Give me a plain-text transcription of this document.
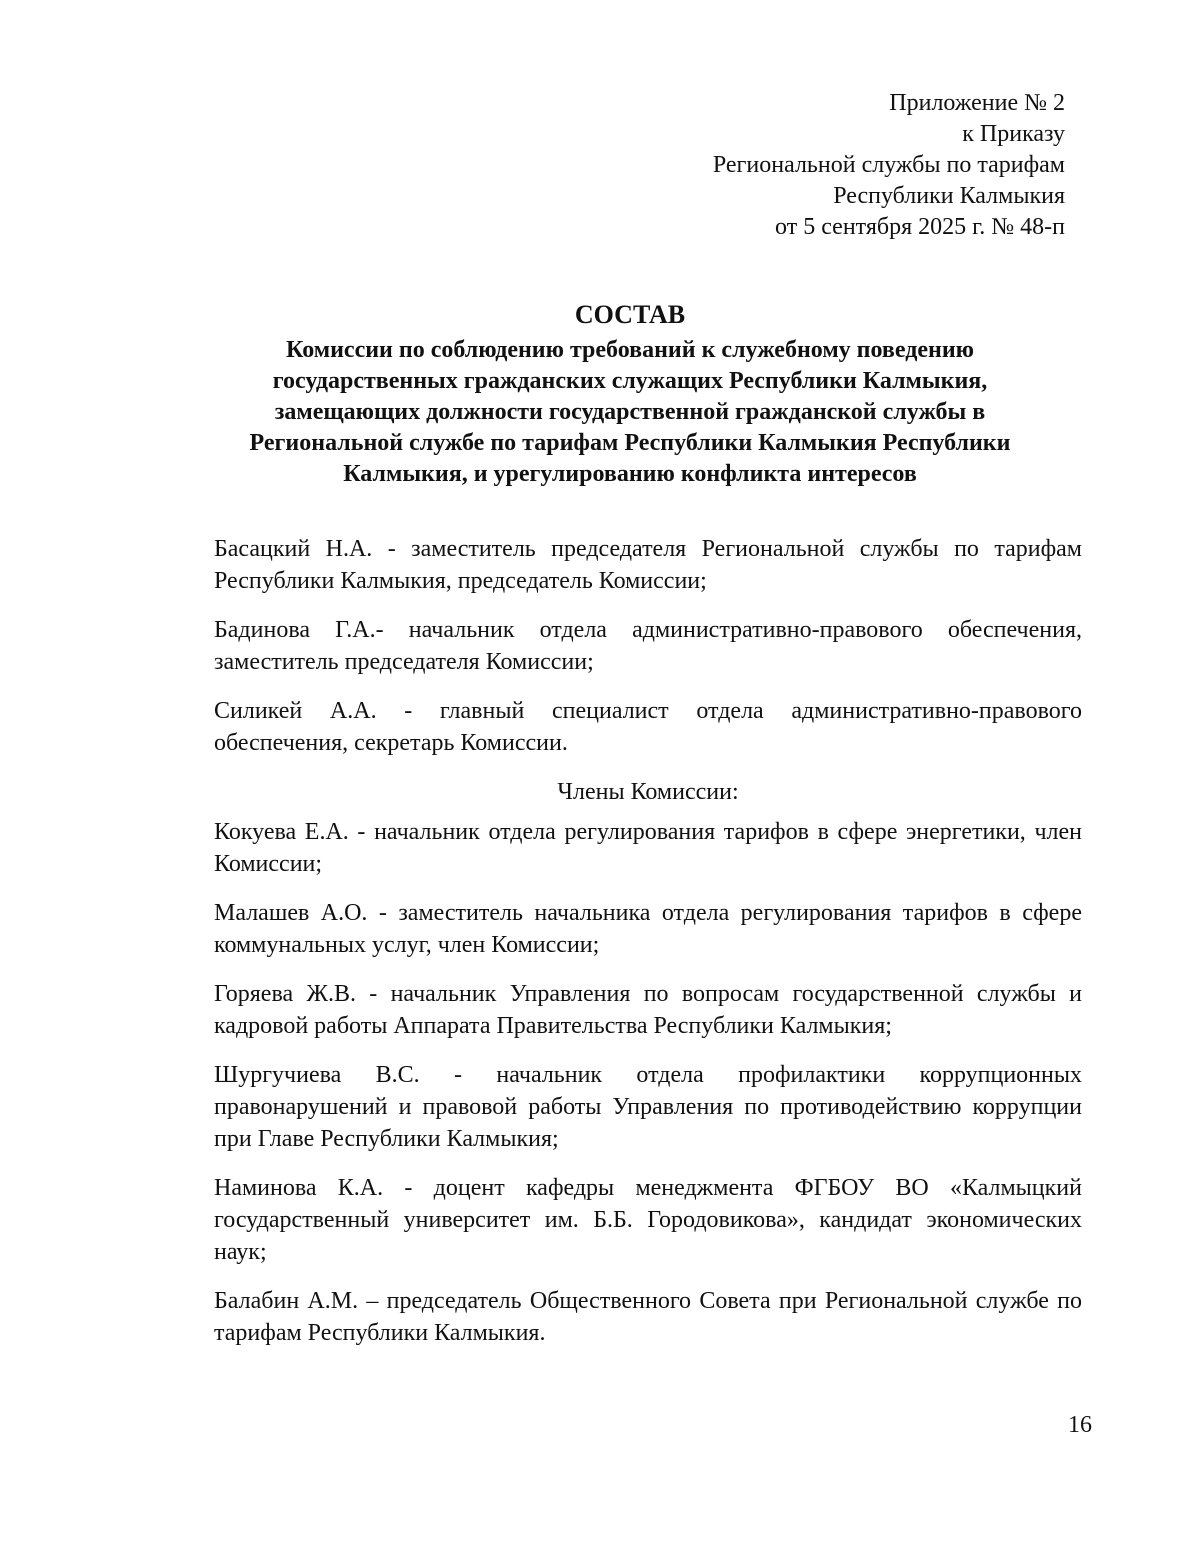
Приложение № 2
к Приказу
Региональной службы по тарифам
Республики Калмыкия
от 5 сентября 2025 г. № 48-п
СОСТАВ
Комиссии по соблюдению требований к служебному поведению
государственных гражданских служащих Республики Калмыкия,
замещающих должности государственной гражданской службы в
Региональной службе по тарифам Республики Калмыкия Республики
Калмыкия, и урегулированию конфликта интересов

Басацкий Н.А. - заместитель председателя Региональной службы по тарифам Республики Калмыкия, председатель Комиссии;

Бадинова Г.А.- начальник отдела административно-правового обеспечения, заместитель председателя Комиссии;

Силикей А.А. - главный специалист отдела административно-правового обеспечения, секретарь Комиссии.

Члены Комиссии:

Кокуева Е.А. - начальник отдела регулирования тарифов в сфере энергетики, член Комиссии;

Малашев А.О. - заместитель начальника отдела регулирования тарифов в сфере коммунальных услуг, член Комиссии;

Горяева Ж.В. - начальник Управления по вопросам государственной службы и кадровой работы Аппарата Правительства Республики Калмыкия;

Шургучиева В.С. - начальник отдела профилактики коррупционных правонарушений и правовой работы Управления по противодействию коррупции при Главе Республики Калмыкия;

Наминова К.А. - доцент кафедры менеджмента ФГБОУ ВО «Калмыцкий государственный университет им. Б.Б. Городовикова», кандидат экономических наук;

Балабин А.М. – председатель Общественного Совета при Региональной службе по тарифам Республики Калмыкия.

16
